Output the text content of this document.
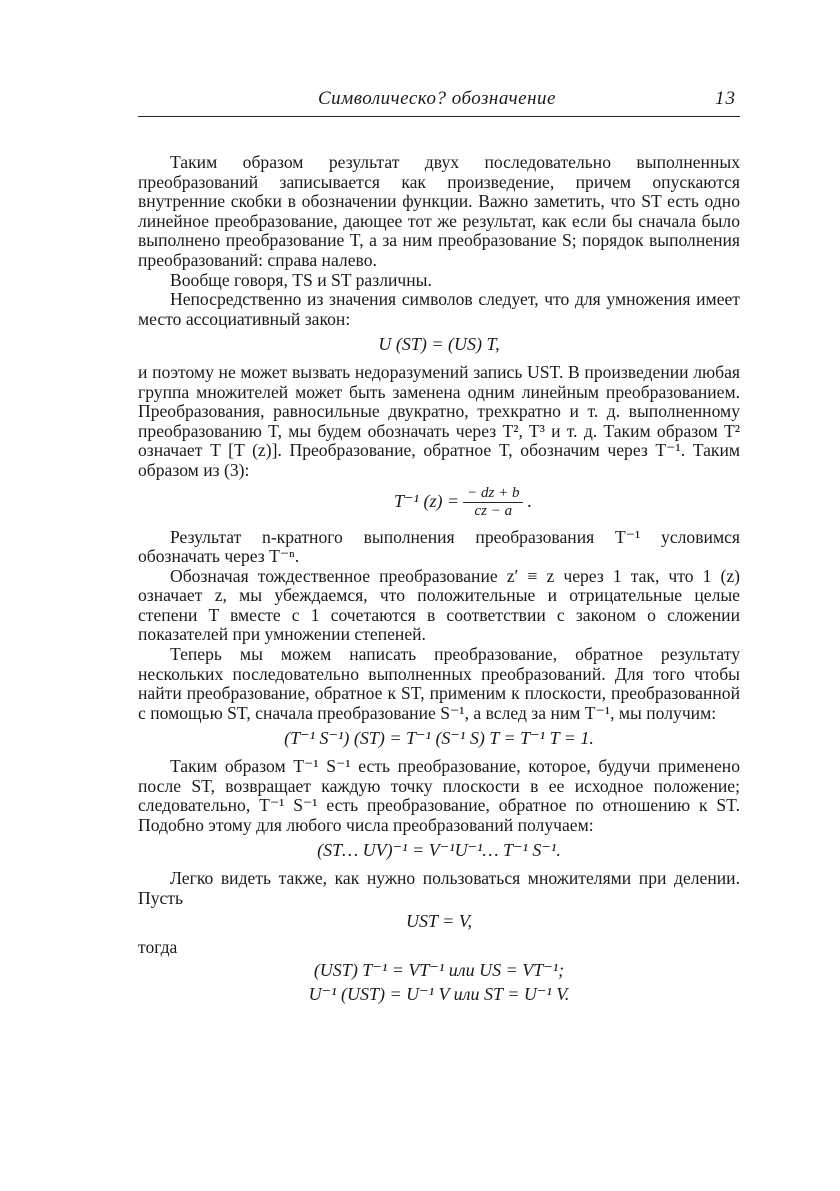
Символическо? обозначение	13

Таким образом результат двух последовательно выполненных преобразований записывается как произведение, причем опускаются внутренние скобки в обозначении функции. Важно заметить, что ST есть одно линейное преобразование, дающее тот же результат, как если бы сначала было выполнено преобразование T, а за ним преобразование S; порядок выполнения преобразований: справа налево.

Вообще говоря, TS и ST различны.

Непосредственно из значения символов следует, что для умножения имеет место ассоциативный закон:

U (ST) = (US) T,

и поэтому не может вызвать недоразумений запись UST. В произведении любая группа множителей может быть заменена одним линейным преобразованием. Преобразования, равносильные двукратно, трехкратно и т. д. выполненному преобразованию T, мы будем обозначать через T², T³ и т. д. Таким образом T² означает T [T (z)]. Преобразование, обратное T, обозначим через T⁻¹. Таким образом из (3):

T⁻¹ $(z) = \frac{- dz + b}{cz - a}$ .

Результат n-кратного выполнения преобразования T⁻¹ условимся обозначать через T⁻ⁿ.

Обозначая тождественное преобразование z′ ≡ z через 1 так, что 1 (z) означает z, мы убеждаемся, что положительные и отрицательные целые степени T вместе с 1 сочетаются в соответствии с законом о сложении показателей при умножении степеней.

Теперь мы можем написать преобразование, обратное результату нескольких последовательно выполненных преобразований. Для того чтобы найти преобразование, обратное к ST, применим к плоскости, преобразованной с помощью ST, сначала преобразование S⁻¹, а вслед за ним T⁻¹, мы получим:

(T⁻¹ S⁻¹) (ST) = T⁻¹ (S⁻¹ S) T = T⁻¹ T = 1.

Таким образом T⁻¹ S⁻¹ есть преобразование, которое, будучи применено после ST, возвращает каждую точку плоскости в ее исходное положение; следовательно, T⁻¹ S⁻¹ есть преобразование, обратное по отношению к ST. Подобно этому для любого числа преобразований получаем:

(ST… UV)⁻¹ = V⁻¹U⁻¹… T⁻¹ S⁻¹.

Легко видеть также, как нужно пользоваться множителями при делении. Пусть

UST = V,
тогда
(UST) T⁻¹ = VT⁻¹ или US = VT⁻¹;
U⁻¹ (UST) = U⁻¹ V или ST = U⁻¹ V.
